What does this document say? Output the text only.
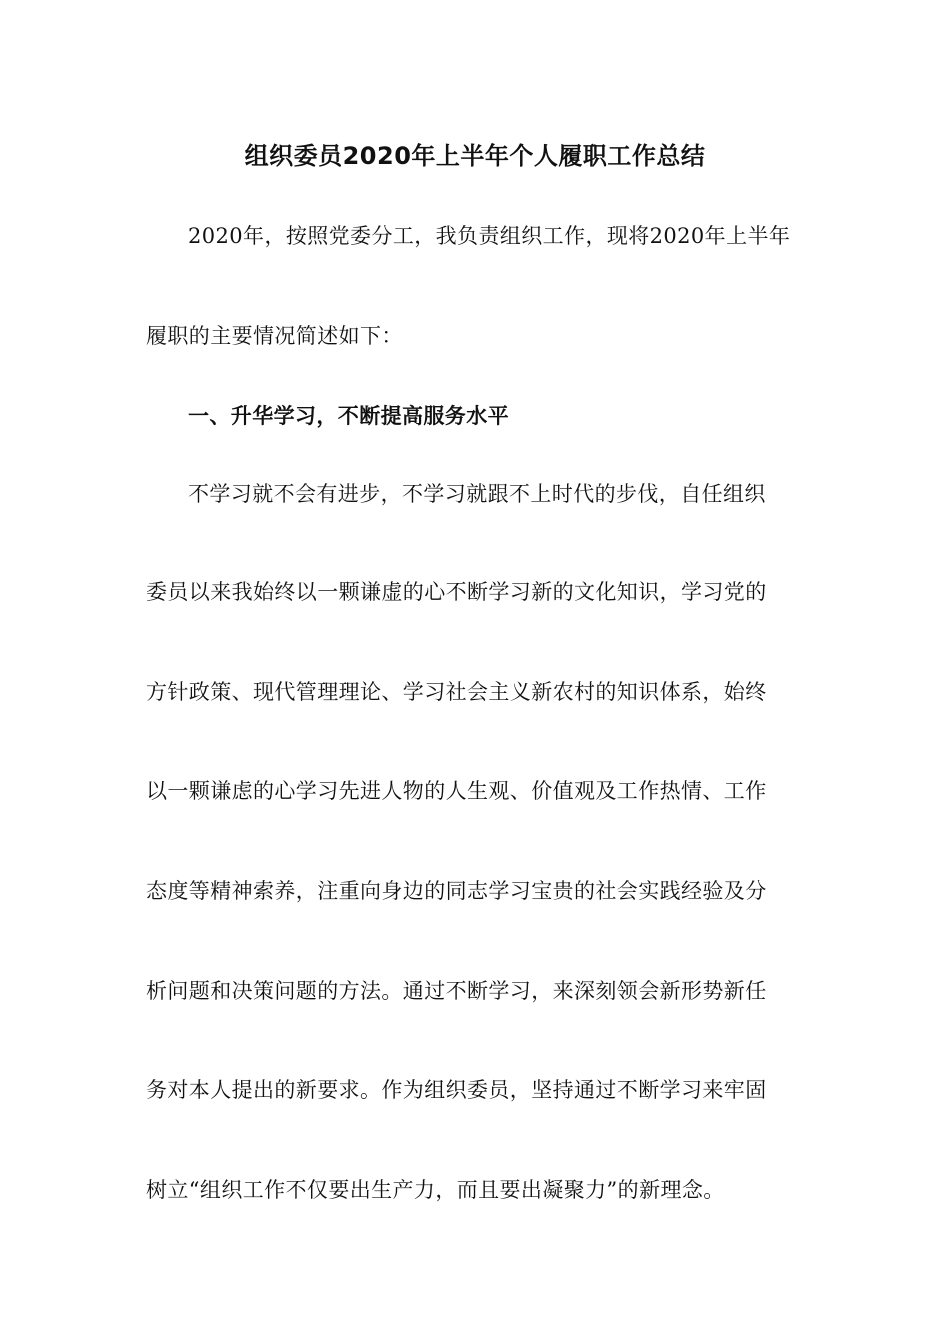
组织委员2020年上半年个人履职工作总结
2020年，按照党委分工，我负责组织工作，现将2020年上半年
履职的主要情况简述如下：
一、升华学习，不断提高服务水平
不学习就不会有进步，不学习就跟不上时代的步伐，自任组织
委员以来我始终以一颗谦虚的心不断学习新的文化知识，学习党的
方针政策、现代管理理论、学习社会主义新农村的知识体系，始终
以一颗谦虑的心学习先进人物的人生观、价值观及工作热情、工作
态度等精神索养，注重向身边的同志学习宝贵的社会实践经验及分
析问题和决策问题的方法。通过不断学习，来深刻领会新形势新任
务对本人提出的新要求。作为组织委员，坚持通过不断学习来牢固
树立“组织工作不仅要出生产力，而且要出凝聚力”的新理念。
